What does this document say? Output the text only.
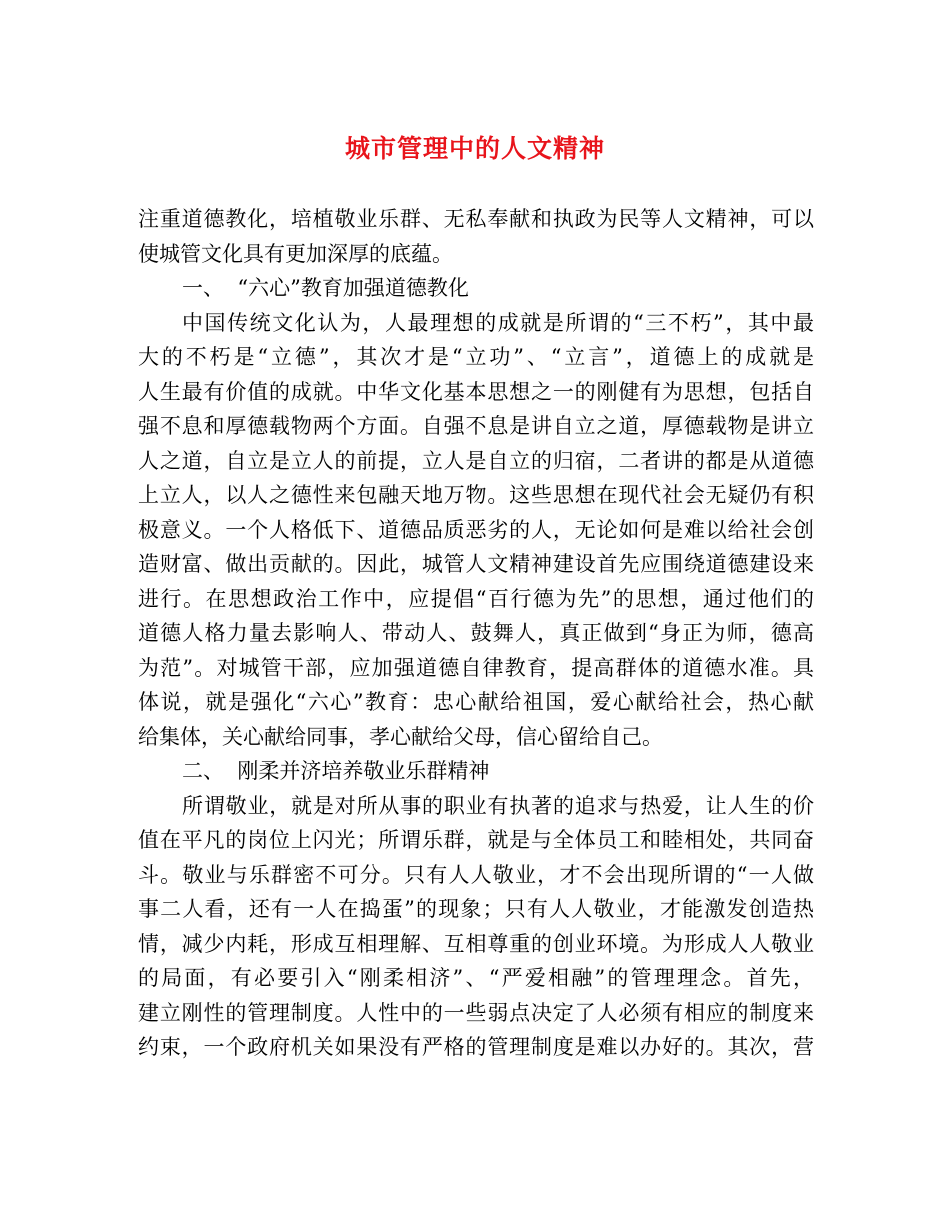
城市管理中的人文精神
注重道德教化，培植敬业乐群、无私奉献和执政为民等人文精神，可以
使城管文化具有更加深厚的底蕴。
一、  “六心”教育加强道德教化
中国传统文化认为，人最理想的成就是所谓的“三不朽”，其中最
大的不朽是“立德”，其次才是“立功”、“立言”，道德上的成就是
人生最有价值的成就。中华文化基本思想之一的刚健有为思想，包括自
强不息和厚德载物两个方面。自强不息是讲自立之道，厚德载物是讲立
人之道，自立是立人的前提，立人是自立的归宿，二者讲的都是从道德
上立人，以人之德性来包融天地万物。这些思想在现代社会无疑仍有积
极意义。一个人格低下、道德品质恶劣的人，无论如何是难以给社会创
造财富、做出贡献的。因此，城管人文精神建设首先应围绕道德建设来
进行。在思想政治工作中，应提倡“百行德为先”的思想，通过他们的
道德人格力量去影响人、带动人、鼓舞人，真正做到“身正为师，德高
为范”。对城管干部，应加强道德自律教育，提高群体的道德水准。具
体说，就是强化“六心”教育：忠心献给祖国，爱心献给社会，热心献
给集体，关心献给同事，孝心献给父母，信心留给自己。
二、  刚柔并济培养敬业乐群精神
所谓敬业，就是对所从事的职业有执著的追求与热爱，让人生的价
值在平凡的岗位上闪光；所谓乐群，就是与全体员工和睦相处，共同奋
斗。敬业与乐群密不可分。只有人人敬业，才不会出现所谓的“一人做
事二人看，还有一人在捣蛋”的现象；只有人人敬业，才能激发创造热
情，减少内耗，形成互相理解、互相尊重的创业环境。为形成人人敬业
的局面，有必要引入“刚柔相济”、“严爱相融”的管理理念。首先，
建立刚性的管理制度。人性中的一些弱点决定了人必须有相应的制度来
约束，一个政府机关如果没有严格的管理制度是难以办好的。其次，营
